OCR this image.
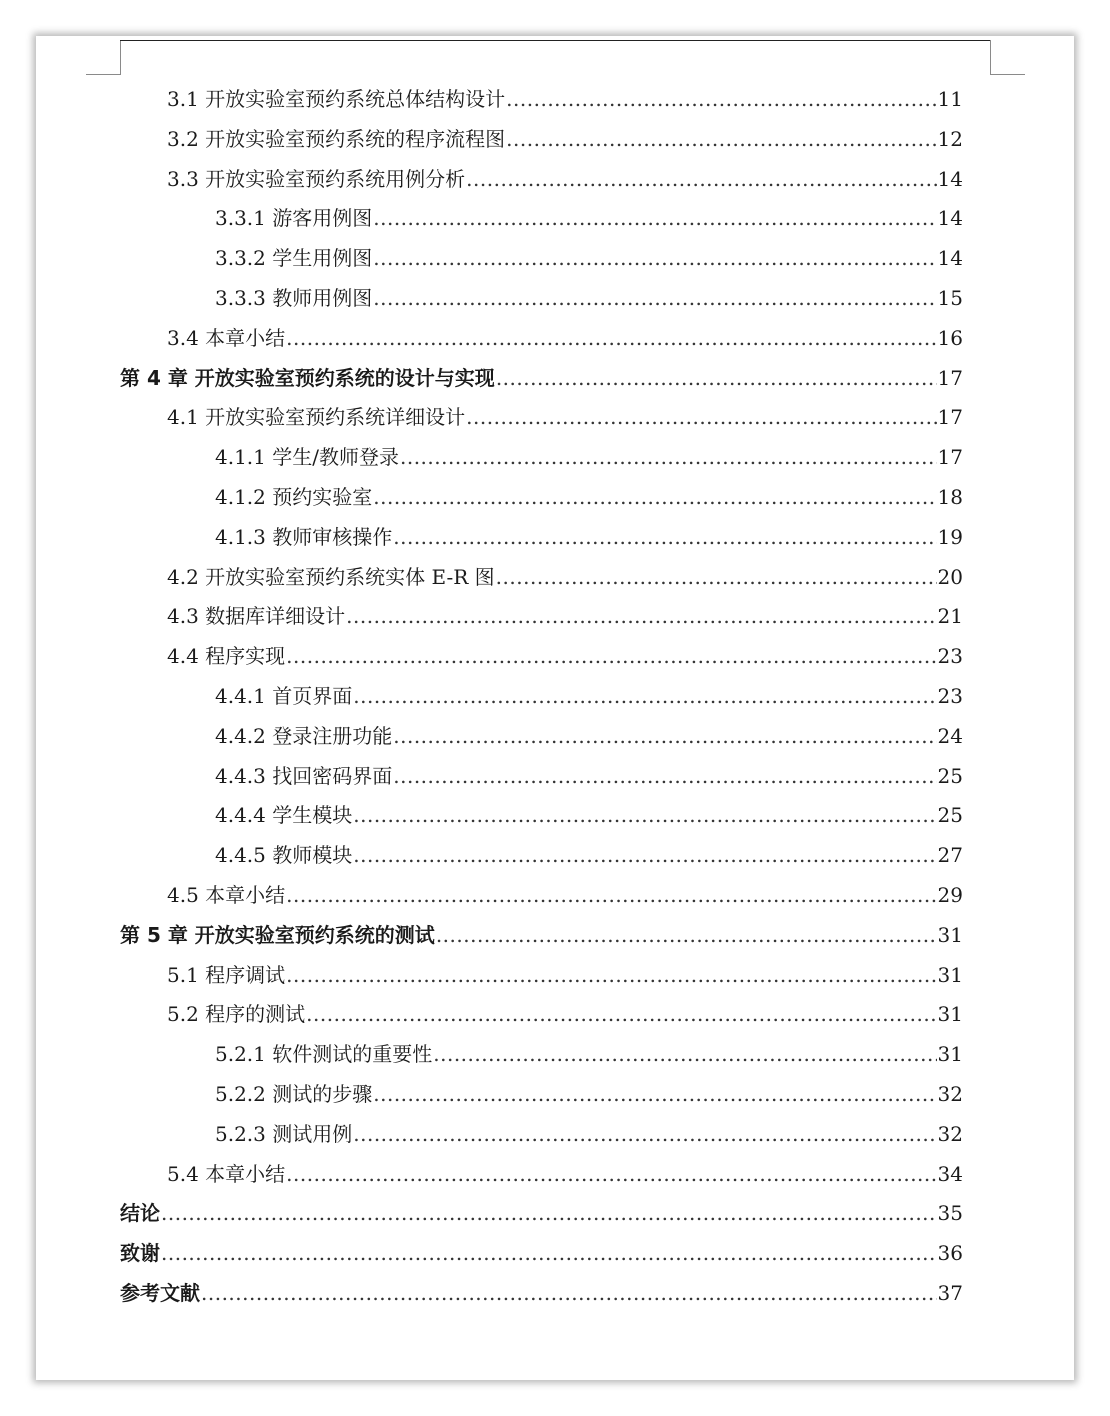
3.1 开放实验室预约系统总体结构设计 .....	11
3.2 开放实验室预约系统的程序流程图 .....	12
3.3 开放实验室预约系统用例分析 .....	14
3.3.1 游客用例图 .....	14
3.3.2 学生用例图 .....	14
3.3.3 教师用例图 .....	15
3.4 本章小结 .....	16
第 4 章 开放实验室预约系统的设计与实现 .....	17
4.1 开放实验室预约系统详细设计 .....	17
4.1.1 学生/教师登录 .....	17
4.1.2 预约实验室 .....	18
4.1.3 教师审核操作 .....	19
4.2 开放实验室预约系统实体 E-R 图 .....	20
4.3 数据库详细设计 .....	21
4.4 程序实现 .....	23
4.4.1 首页界面 .....	23
4.4.2 登录注册功能 .....	24
4.4.3 找回密码界面 .....	25
4.4.4 学生模块 .....	25
4.4.5 教师模块 .....	27
4.5 本章小结 .....	29
第 5 章 开放实验室预约系统的测试 .....	31
5.1 程序调试 .....	31
5.2 程序的测试 .....	31
5.2.1 软件测试的重要性 .....	31
5.2.2 测试的步骤 .....	32
5.2.3 测试用例 .....	32
5.4 本章小结 .....	34
结论 .....	35
致谢 .....	36
参考文献 .....	37
